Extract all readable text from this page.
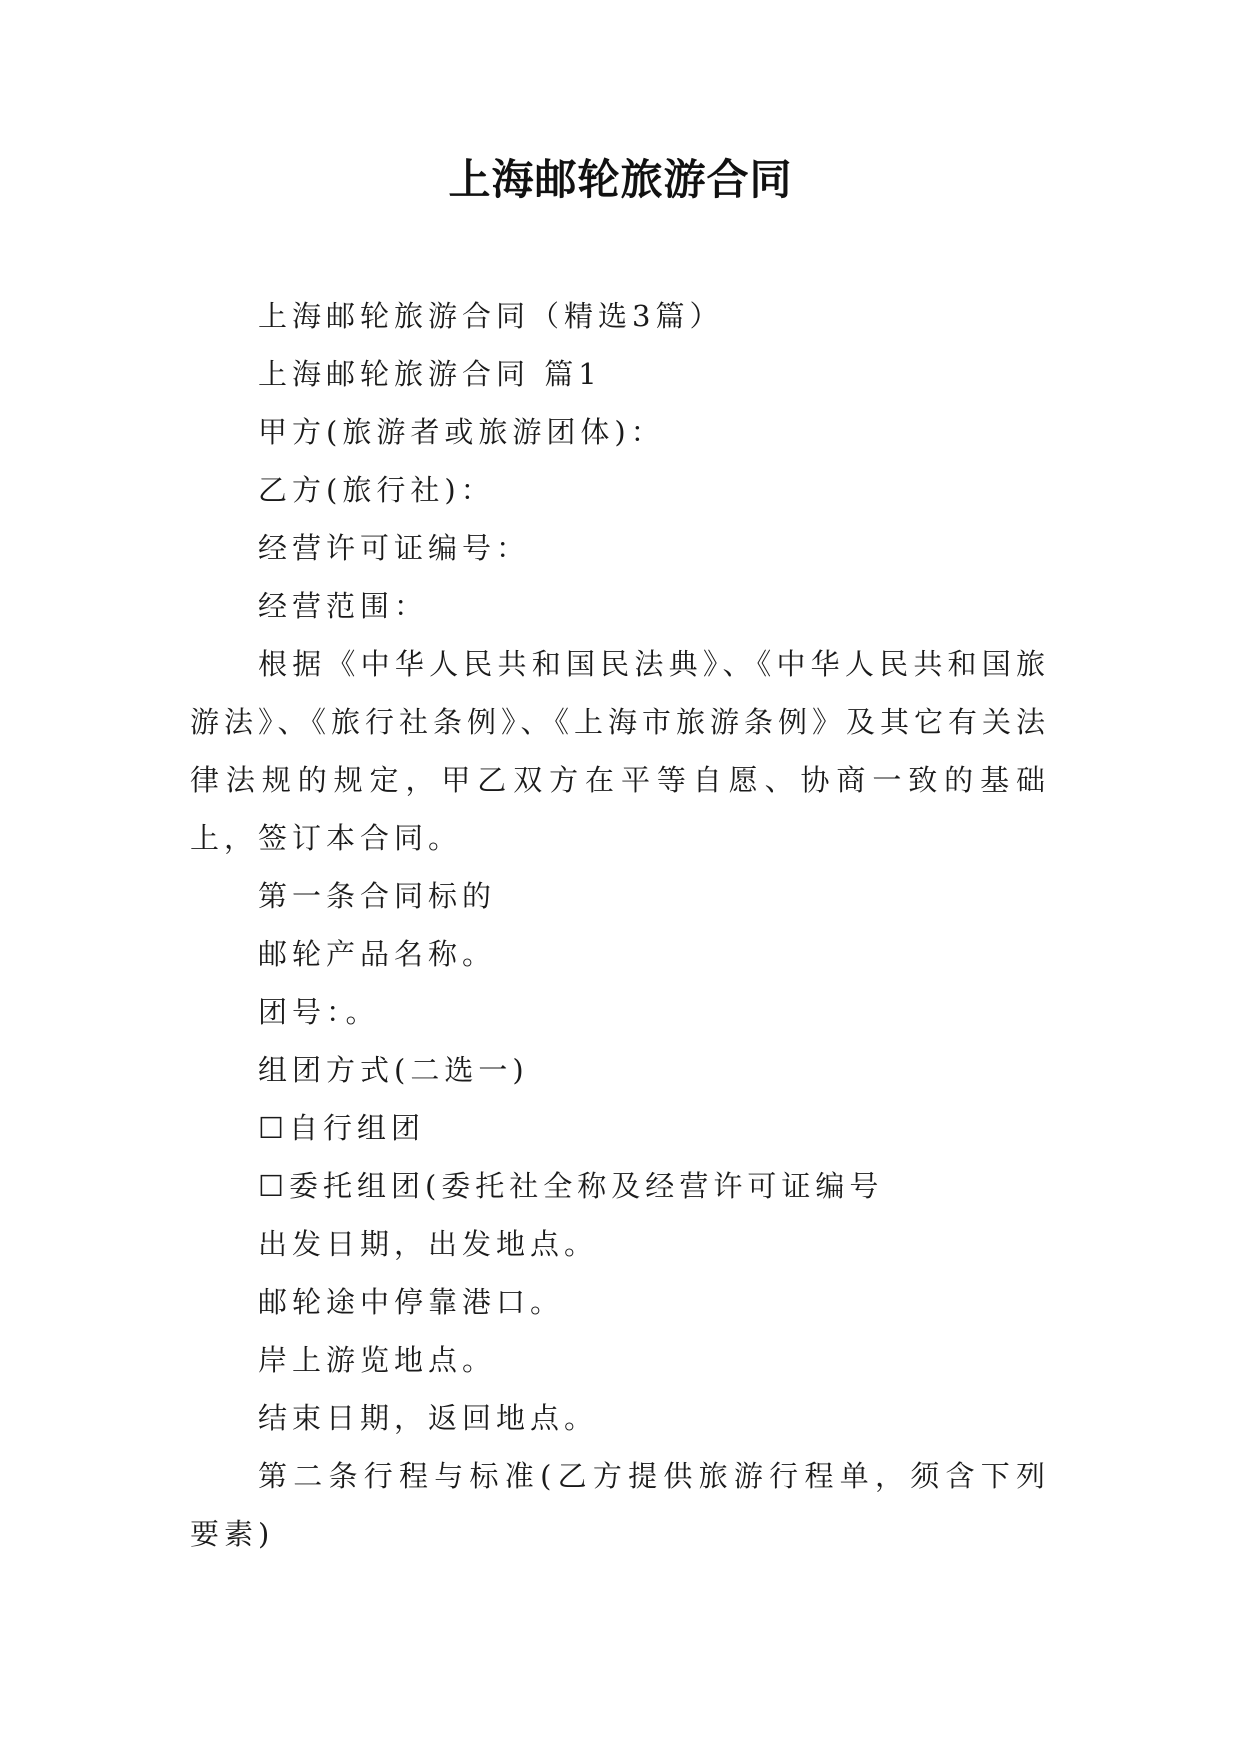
上海邮轮旅游合同

上海邮轮旅游合同（精选3篇）

上海邮轮旅游合同 篇1

甲方(旅游者或旅游团体)：

乙方(旅行社)：

经营许可证编号：

经营范围：

根据《中华人民共和国民法典》、《中华人民共和国旅游法》、《旅行社条例》、《上海市旅游条例》及其它有关法律法规的规定，甲乙双方在平等自愿、协商一致的基础上，签订本合同。

第一条合同标的

邮轮产品名称。

团号：。

组团方式(二选一)

☐自行组团

☐委托组团(委托社全称及经营许可证编号

出发日期，出发地点。

邮轮途中停靠港口。

岸上游览地点。

结束日期，返回地点。

第二条行程与标准(乙方提供旅游行程单，须含下列要素)
